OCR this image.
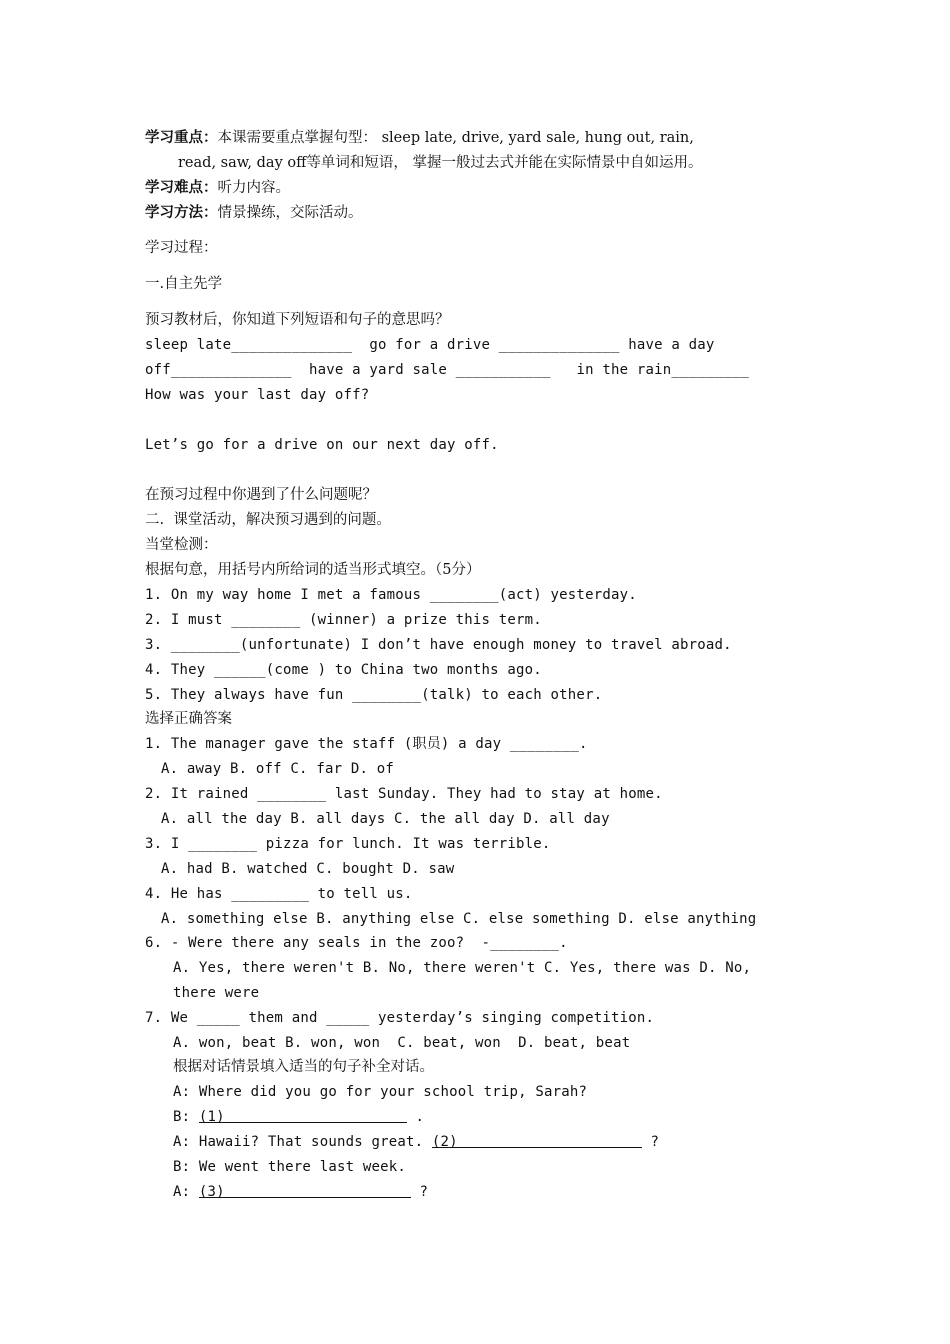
学习重点：本课需要重点掌握句型： sleep late, drive, yard sale, hung out, rain,
read, saw, day off等单词和短语， 掌握一般过去式并能在实际情景中自如运用。
学习难点：听力内容。
学习方法：情景操练，交际活动。
学习过程：
一.自主先学
预习教材后，你知道下列短语和句子的意思吗？
sleep late______________ go for a drive ______________ have a day
off______________ have a yard sale ___________ in the rain_________
How was your last day off?
Let’s go for a drive on our next day off.
在预习过程中你遇到了什么问题呢？
二.  课堂活动，解决预习遇到的问题。
当堂检测：
根据句意，用括号内所给词的适当形式填空。（5分）
1. On my way home I met a famous ________(act) yesterday.
2. I must ________ (winner) a prize this term.
3. ________(unfortunate) I don’t have enough money to travel abroad.
4. They ______(come ) to China two months ago.
5. They always have fun ________(talk) to each other.
选择正确答案
1. The manager gave the staff (职员) a day ________.
A. away B. off C. far D. of
2. It rained ________ last Sunday. They had to stay at home.
A. all the day B. all days C. the all day D. all day
3. I ________ pizza for lunch. It was terrible.
A. had B. watched C. bought D. saw
4. He has _________ to tell us.
A. something else B. anything else C. else something D. else anything
6. - Were there any seals in the zoo?  -________.
A. Yes, there weren't B. No, there weren't C. Yes, there was D. No,
there were
7. We _____ them and _____ yesterday’s singing competition.
A. won, beat B. won, won  C. beat, won  D. beat, beat
根据对话情景填入适当的句子补全对话。
A: Where did you go for your school trip, Sarah?
B: (1)	.
A: Hawaii? That sounds great. (2)	?
B: We went there last week.
A: (3)	?
